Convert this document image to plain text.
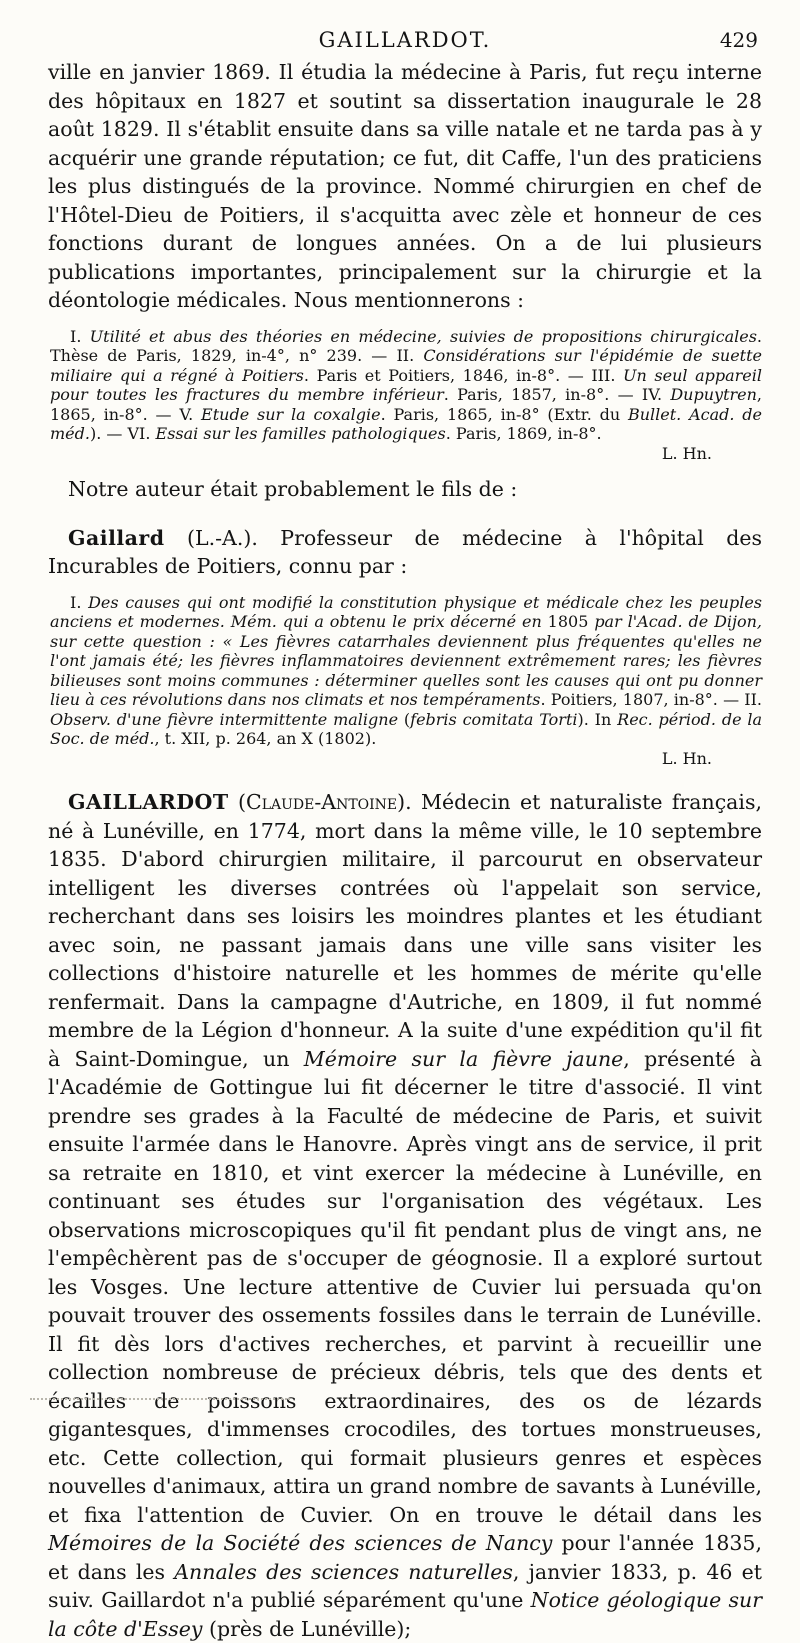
GAILLARDOT.	429

ville en janvier 1869. Il étudia la médecine à Paris, fut reçu interne des hôpitaux en 1827 et soutint sa dissertation inaugurale le 28 août 1829. Il s'établit ensuite dans sa ville natale et ne tarda pas à y acquérir une grande réputation; ce fut, dit Caffe, l'un des praticiens les plus distingués de la province. Nommé chirurgien en chef de l'Hôtel-Dieu de Poitiers, il s'acquitta avec zèle et honneur de ces fonctions durant de longues années. On a de lui plusieurs publications importantes, principalement sur la chirurgie et la déontologie médicales. Nous mentionnerons :

I. Utilité et abus des théories en médecine, suivies de propositions chirurgicales. Thèse de Paris, 1829, in-4°, n° 239. — II. Considérations sur l'épidémie de suette miliaire qui a régné à Poitiers. Paris et Poitiers, 1846, in-8°. — III. Un seul appareil pour toutes les fractures du membre inférieur. Paris, 1857, in-8°. — IV. Dupuytren, 1865, in-8°. — V. Etude sur la coxalgie. Paris, 1865, in-8° (Extr. du Bullet. Acad. de méd.). — VI. Essai sur les familles pathologiques. Paris, 1869, in-8°.

L. Hn.

Notre auteur était probablement le fils de :

Gaillard (L.-A.). Professeur de médecine à l'hôpital des Incurables de Poitiers, connu par :

I. Des causes qui ont modifié la constitution physique et médicale chez les peuples anciens et modernes. Mém. qui a obtenu le prix décerné en 1805 par l'Acad. de Dijon, sur cette question : « Les fièvres catarrhales deviennent plus fréquentes qu'elles ne l'ont jamais été; les fièvres inflammatoires deviennent extrêmement rares; les fièvres bilieuses sont moins communes : déterminer quelles sont les causes qui ont pu donner lieu à ces révolutions dans nos climats et nos tempéraments. Poitiers, 1807, in-8°. — II. Observ. d'une fièvre intermittente maligne (febris comitata Torti). In Rec. périod. de la Soc. de méd., t. XII, p. 264, an X (1802).

L. Hn.

GAILLARDOT (Claude-Antoine). Médecin et naturaliste français, né à Lunéville, en 1774, mort dans la même ville, le 10 septembre 1835. D'abord chirurgien militaire, il parcourut en observateur intelligent les diverses contrées où l'appelait son service, recherchant dans ses loisirs les moindres plantes et les étudiant avec soin, ne passant jamais dans une ville sans visiter les collections d'histoire naturelle et les hommes de mérite qu'elle renfermait. Dans la campagne d'Autriche, en 1809, il fut nommé membre de la Légion d'honneur. A la suite d'une expédition qu'il fit à Saint-Domingue, un Mémoire sur la fièvre jaune, présenté à l'Académie de Gottingue lui fit décerner le titre d'associé. Il vint prendre ses grades à la Faculté de médecine de Paris, et suivit ensuite l'armée dans le Hanovre. Après vingt ans de service, il prit sa retraite en 1810, et vint exercer la médecine à Lunéville, en continuant ses études sur l'organisation des végétaux. Les observations microscopiques qu'il fit pendant plus de vingt ans, ne l'empêchèrent pas de s'occuper de géognosie. Il a exploré surtout les Vosges. Une lecture attentive de Cuvier lui persuada qu'on pouvait trouver des ossements fossiles dans le terrain de Lunéville. Il fit dès lors d'actives recherches, et parvint à recueillir une collection nombreuse de précieux débris, tels que des dents et écailles de poissons extraordinaires, des os de lézards gigantesques, d'immenses crocodiles, des tortues monstrueuses, etc. Cette collection, qui formait plusieurs genres et espèces nouvelles d'animaux, attira un grand nombre de savants à Lunéville, et fixa l'attention de Cuvier. On en trouve le détail dans les Mémoires de la Société des sciences de Nancy pour l'année 1835, et dans les Annales des sciences naturelles, janvier 1833, p. 46 et suiv. Gaillardot n'a publié séparément qu'une Notice géologique sur la côte d'Essey (près de Lunéville);
